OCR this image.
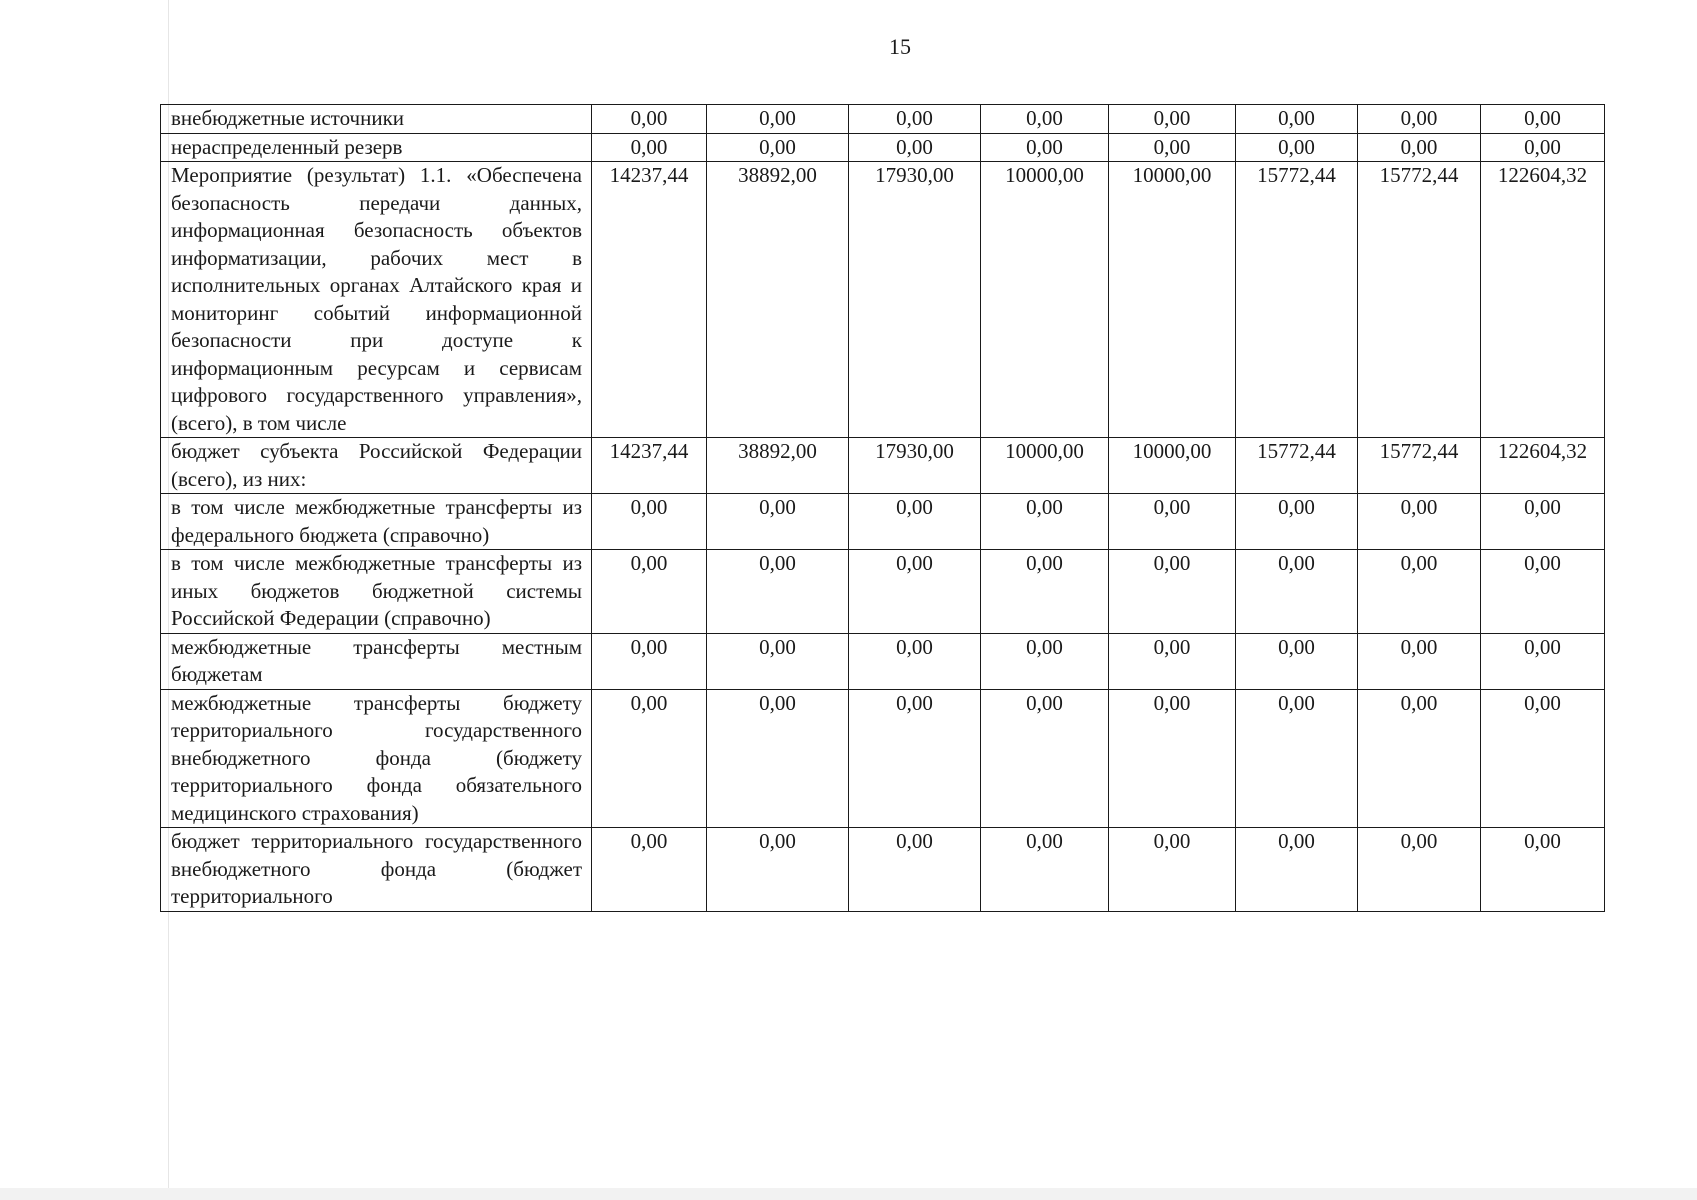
15
внебюджетные источники	0,00	0,00	0,00	0,00	0,00	0,00	0,00	0,00
нераспределенный резерв	0,00	0,00	0,00	0,00	0,00	0,00	0,00	0,00
Мероприятие (результат) 1.1. «Обеспечена безопасность передачи данных, информационная безопасность объектов информатизации, рабочих мест в исполнительных органах Алтайского края и мониторинг событий информационной безопасности при доступе к информационным ресурсам и сервисам цифрового государственного управления», (всего), в том числе	14237,44	38892,00	17930,00	10000,00	10000,00	15772,44	15772,44	122604,32
бюджет субъекта Российской Федерации (всего), из них:	14237,44	38892,00	17930,00	10000,00	10000,00	15772,44	15772,44	122604,32
в том числе межбюджетные трансферты из федерального бюджета (справочно)	0,00	0,00	0,00	0,00	0,00	0,00	0,00	0,00
в том числе межбюджетные трансферты из иных бюджетов бюджетной системы Российской Федерации (справочно)	0,00	0,00	0,00	0,00	0,00	0,00	0,00	0,00
межбюджетные трансферты местным бюджетам	0,00	0,00	0,00	0,00	0,00	0,00	0,00	0,00
межбюджетные трансферты бюджету территориального государственного внебюджетного фонда (бюджету территориального фонда обязательного медицинского страхования)	0,00	0,00	0,00	0,00	0,00	0,00	0,00	0,00
бюджет территориального государственного внебюджетного фонда (бюджет территориального	0,00	0,00	0,00	0,00	0,00	0,00	0,00	0,00
